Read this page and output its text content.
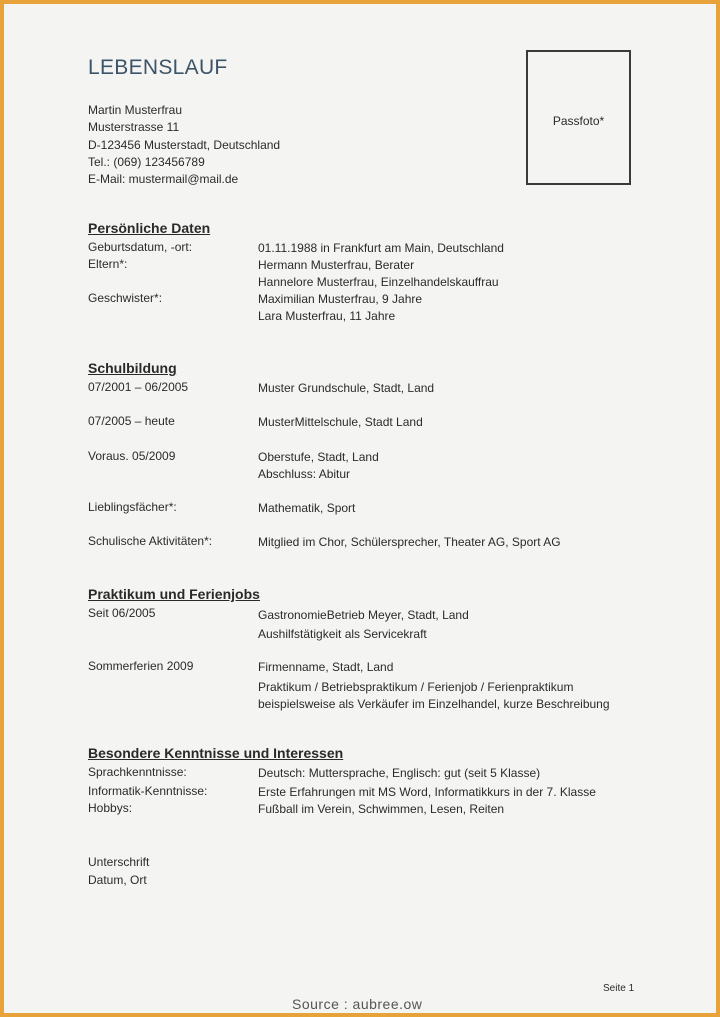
LEBENSLAUF
Martin Musterfrau
Musterstrasse 11
D-123456 Musterstadt, Deutschland
Tel.: (069) 123456789
E-Mail: mustermail@mail.de
Passfoto*
Persönliche Daten
Geburtsdatum, -ort:	01.11.1988 in Frankfurt am Main, Deutschland
Eltern*:	Hermann Musterfrau, Berater
Hannelore Musterfrau, Einzelhandelskauffrau
Geschwister*:	Maximilian Musterfrau, 9 Jahre
Lara Musterfrau, 11 Jahre
Schulbildung
07/2001 – 06/2005	Muster Grundschule, Stadt, Land
07/2005 – heute	MusterMittelschule, Stadt Land
Voraus. 05/2009	Oberstufe, Stadt, Land
Abschluss: Abitur
Lieblingsfächer*:	Mathematik, Sport
Schulische Aktivitäten*:	Mitglied im Chor, Schülersprecher, Theater AG, Sport AG
Praktikum und Ferienjobs
Seit 06/2005	GastronomieBetrieb Meyer, Stadt, Land
Aushilfstätigkeit als Servicekraft
Sommerferien 2009	Firmenname, Stadt, Land
Praktikum / Betriebspraktikum / Ferienjob / Ferienpraktikum
beispielsweise als Verkäufer im Einzelhandel, kurze Beschreibung
Besondere Kenntnisse und Interessen
Sprachkenntnisse:	Deutsch: Muttersprache, Englisch: gut (seit 5 Klasse)
Informatik-Kenntnisse:	Erste Erfahrungen mit MS Word, Informatikkurs in der 7. Klasse
Hobbys:	Fußball im Verein, Schwimmen, Lesen, Reiten
Unterschrift
Datum, Ort
Seite 1
Source : aubree.ow
